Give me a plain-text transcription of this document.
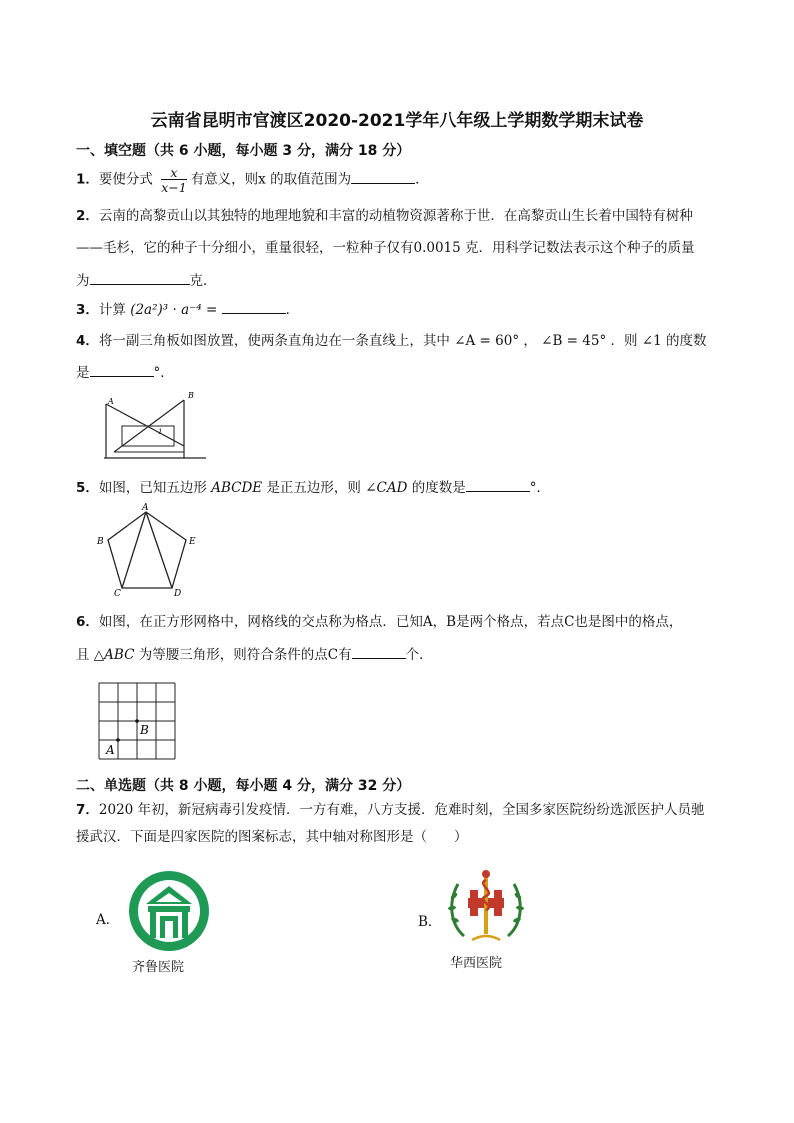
云南省昆明市官渡区2020-2021学年八年级上学期数学期末试卷
一、填空题（共 6 小题，每小题 3 分，满分 18 分）
1．要使分式 $\frac{x}{x-1}$ 有意义，则x 的取值范围为	．
2．云南的高黎贡山以其独特的地理地貌和丰富的动植物资源著称于世．在高黎贡山生长着中国特有树种
——毛杉，它的种子十分细小，重量很轻，一粒种子仅有0.0015 克．用科学记数法表示这个种子的质量
为	克．
3．计算 (2a²)³ · a⁻⁴ =	．
4．将一副三角板如图放置，使两条直角边在一条直线上，其中 ∠A = 60° ， ∠B = 45° ．则 ∠1 的度数
是	°．
A
B
1
5．如图，已知五边形 ABCDE 是正五边形，则 ∠CAD 的度数是	°．
A
B
C	D
E
6．如图，在正方形网格中，网格线的交点称为格点．已知A，B是两个格点，若点C也是图中的格点，
且 △ABC 为等腰三角形，则符合条件的点C有	个．
A
B
二、单选题（共 8 小题，每小题 4 分，满分 32 分）
7．2020 年初，新冠病毒引发疫情．一方有难，八方支援．危难时刻，全国多家医院纷纷选派医护人员驰
援武汉．下面是四家医院的图案标志，其中轴对称图形是（　　）
A．
齐鲁医院
B．
华西医院
